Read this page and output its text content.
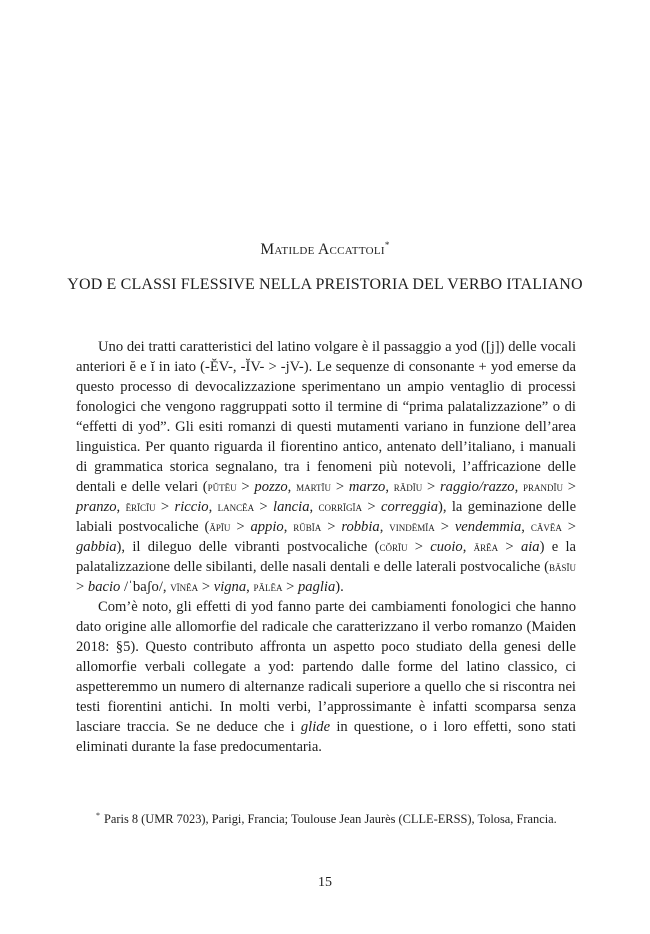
Matilde Accattoli*
YOD E CLASSI FLESSIVE NELLA PREISTORIA DEL VERBO ITALIANO

Uno dei tratti caratteristici del latino volgare è il passaggio a yod ([j]) delle vocali anteriori ĕ e ĭ in iato (-ĔV-, -ĬV- > -jV-). Le sequenze di consonante + yod emerse da questo processo di devocalizzazione sperimentano un ampio ventaglio di processi fonologici che vengono raggruppati sotto il termine di “prima palatalizzazione” o di “effetti di yod”. Gli esiti romanzi di questi mutamenti variano in funzione dell’area linguistica. Per quanto riguarda il fiorentino antico, antenato dell’italiano, i manuali di grammatica storica segnalano, tra i fenomeni più notevoli, l’affricazione delle dentali e delle velari (pŭtĕu > pozzo, martĭu > marzo, rădĭu > raggio/razzo, prandĭu > pranzo, ĕrĭcĭu > riccio, lancĕa > lancia, corrĭgĭa > correggia), la geminazione delle labiali postvocaliche (ăpĭu > appio, rŭbĭa > robbia, vindēmĭa > vendemmia, căvĕa > gabbia), il dileguo delle vibranti postvocaliche (cŏrĭu > cuoio, ārĕa > aia) e la palatalizzazione delle sibilanti, delle nasali dentali e delle laterali postvocaliche (bāsĭu > bacio /ˈbaʃo/, vīnĕa > vigna, pălĕa > paglia).

Com’è noto, gli effetti di yod fanno parte dei cambiamenti fonologici che hanno dato origine alle allomorfie del radicale che caratterizzano il verbo romanzo (Maiden 2018: §5). Questo contributo affronta un aspetto poco studiato della genesi delle allomorfie verbali collegate a yod: partendo dalle forme del latino classico, ci aspetteremmo un numero di alternanze radicali superiore a quello che si riscontra nei testi fiorentini antichi. In molti verbi, l’approssimante è infatti scomparsa senza lasciare traccia. Se ne deduce che i glide in questione, o i loro effetti, sono stati eliminati durante la fase predocumentaria.

* Paris 8 (UMR 7023), Parigi, Francia; Toulouse Jean Jaurès (CLLE-ERSS), Tolosa, Francia.
15
